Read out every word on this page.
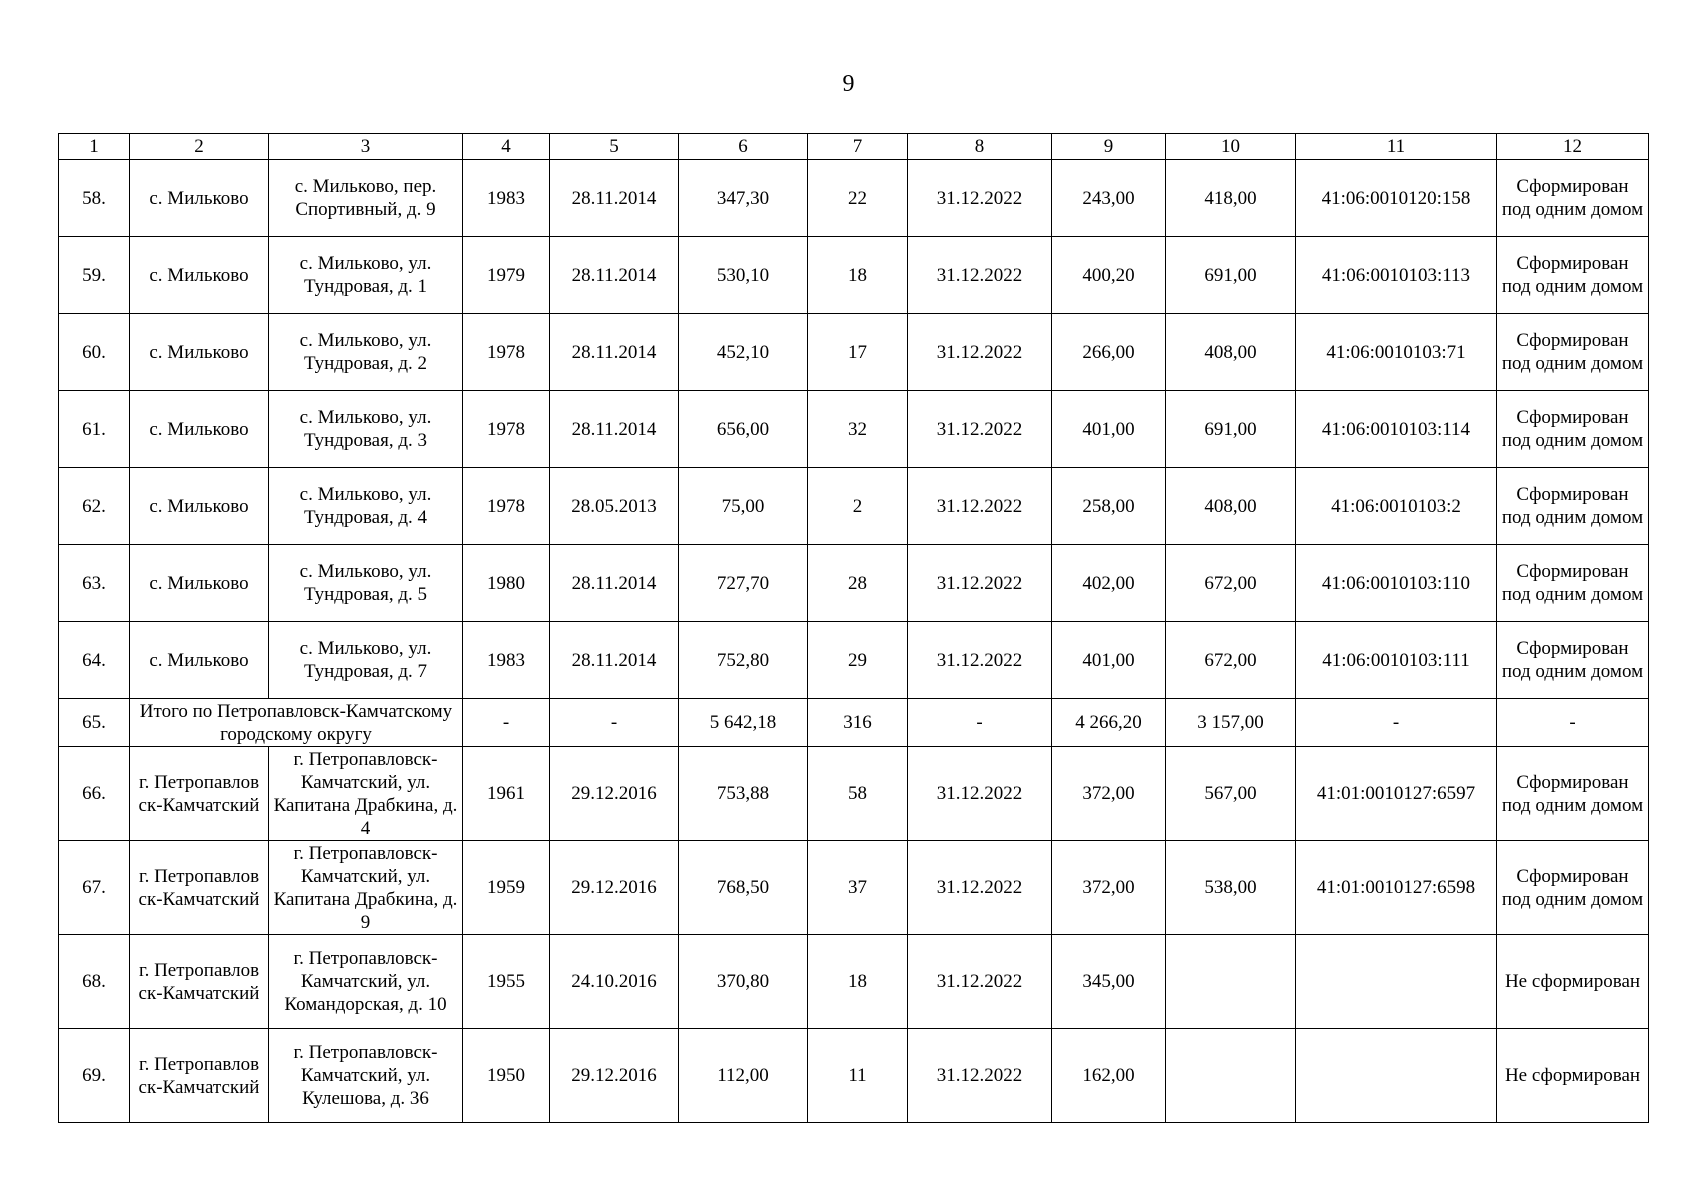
9
1	2	3	4	5	6	7	8	9	10	11	12
58.	с. Мильково	с. Мильково, пер. Спортивный, д. 9	1983	28.11.2014	347,30	22	31.12.2022	243,00	418,00	41:06:0010120:158	Сформирован под одним домом
59.	с. Мильково	с. Мильково, ул. Тундровая, д. 1	1979	28.11.2014	530,10	18	31.12.2022	400,20	691,00	41:06:0010103:113	Сформирован под одним домом
60.	с. Мильково	с. Мильково, ул. Тундровая, д. 2	1978	28.11.2014	452,10	17	31.12.2022	266,00	408,00	41:06:0010103:71	Сформирован под одним домом
61.	с. Мильково	с. Мильково, ул. Тундровая, д. 3	1978	28.11.2014	656,00	32	31.12.2022	401,00	691,00	41:06:0010103:114	Сформирован под одним домом
62.	с. Мильково	с. Мильково, ул. Тундровая, д. 4	1978	28.05.2013	75,00	2	31.12.2022	258,00	408,00	41:06:0010103:2	Сформирован под одним домом
63.	с. Мильково	с. Мильково, ул. Тундровая, д. 5	1980	28.11.2014	727,70	28	31.12.2022	402,00	672,00	41:06:0010103:110	Сформирован под одним домом
64.	с. Мильково	с. Мильково, ул. Тундровая, д. 7	1983	28.11.2014	752,80	29	31.12.2022	401,00	672,00	41:06:0010103:111	Сформирован под одним домом
65.	Итого по Петропавловск-Камчатскому городскому округу		-	-	5 642,18	316	-	4 266,20	3 157,00	-	-
66.	г. Петропавлов ск-Камчатский	г. Петропавловск-Камчатский, ул. Капитана Драбкина, д. 4	1961	29.12.2016	753,88	58	31.12.2022	372,00	567,00	41:01:0010127:6597	Сформирован под одним домом
67.	г. Петропавлов ск-Камчатский	г. Петропавловск-Камчатский, ул. Капитана Драбкина, д. 9	1959	29.12.2016	768,50	37	31.12.2022	372,00	538,00	41:01:0010127:6598	Сформирован под одним домом
68.	г. Петропавлов ск-Камчатский	г. Петропавловск-Камчатский, ул. Командорская, д. 10	1955	24.10.2016	370,80	18	31.12.2022	345,00			Не сформирован
69.	г. Петропавлов ск-Камчатский	г. Петропавловск-Камчатский, ул. Кулешова, д. 36	1950	29.12.2016	112,00	11	31.12.2022	162,00			Не сформирован
